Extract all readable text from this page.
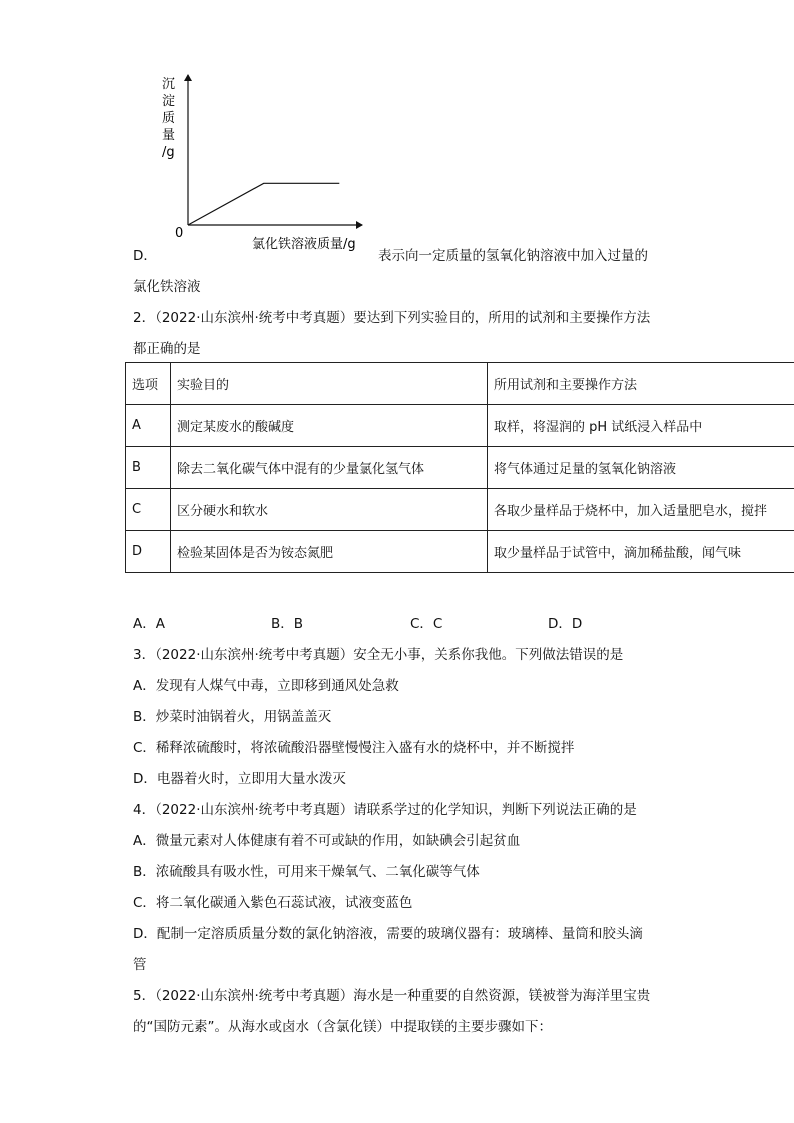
沉
淀
质
量
/g
0
氯化铁溶液质量/g
D．	表示向一定质量的氢氧化钠溶液中加入过量的
氯化铁溶液
2．（2022·山东滨州·统考中考真题）要达到下列实验目的，所用的试剂和主要操作方法
都正确的是
选项	实验目的	所用试剂和主要操作方法
A	测定某废水的酸碱度	取样，将湿润的 pH 试纸浸入样品中
B	除去二氧化碳气体中混有的少量氯化氢气体	将气体通过足量的氢氧化钠溶液
C	区分硬水和软水	各取少量样品于烧杯中，加入适量肥皂水，搅拌
D	检验某固体是否为铵态氮肥	取少量样品于试管中，滴加稀盐酸，闻气味
A．A	B．B	C．C	D．D
3．（2022·山东滨州·统考中考真题）安全无小事，关系你我他。下列做法错误的是
A．发现有人煤气中毒，立即移到通风处急救
B．炒菜时油锅着火，用锅盖盖灭
C．稀释浓硫酸时，将浓硫酸沿器壁慢慢注入盛有水的烧杯中，并不断搅拌
D．电器着火时，立即用大量水泼灭
4．（2022·山东滨州·统考中考真题）请联系学过的化学知识，判断下列说法正确的是
A．微量元素对人体健康有着不可或缺的作用，如缺碘会引起贫血
B．浓硫酸具有吸水性，可用来干燥氧气、二氧化碳等气体
C．将二氧化碳通入紫色石蕊试液，试液变蓝色
D．配制一定溶质质量分数的氯化钠溶液，需要的玻璃仪器有：玻璃棒、量筒和胶头滴
管
5．（2022·山东滨州·统考中考真题）海水是一种重要的自然资源，镁被誉为海洋里宝贵
的“国防元素”。从海水或卤水（含氯化镁）中提取镁的主要步骤如下：
